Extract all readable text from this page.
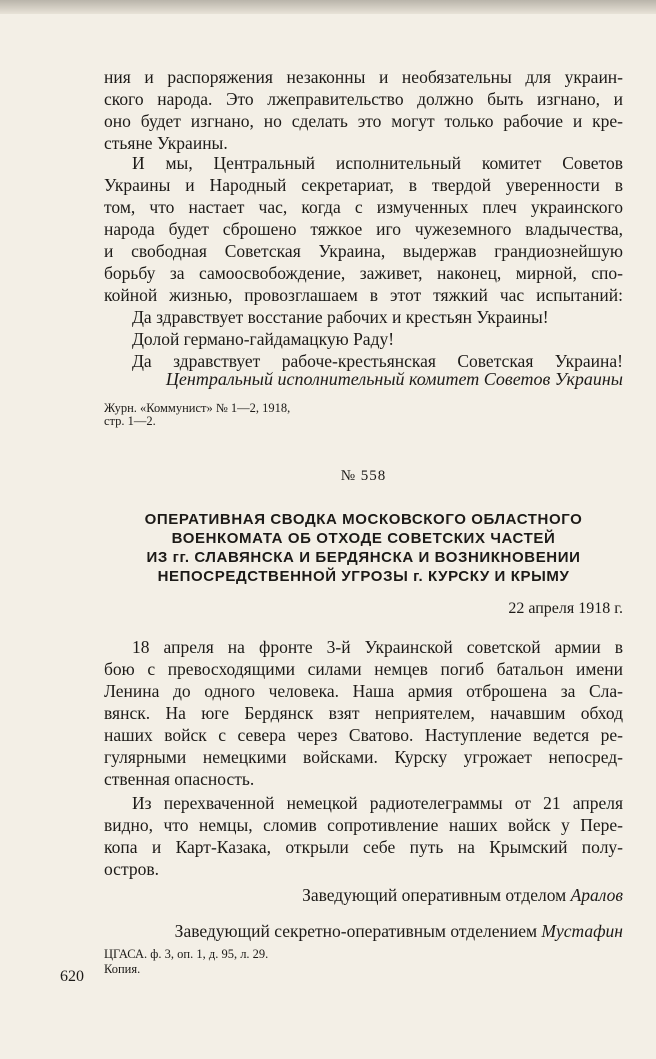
ния и распоряжения незаконны и необязательны для украин-
ского народа. Это лжеправительство должно быть изгнано, и
оно будет изгнано, но сделать это могут только рабочие и кре-
стьяне Украины.
И мы, Центральный исполнительный комитет Советов
Украины и Народный секретариат, в твердой уверенности в
том, что настает час, когда с измученных плеч украинского
народа будет сброшено тяжкое иго чужеземного владычества,
и свободная Советская Украина, выдержав грандиознейшую
борьбу за самоосвобождение, заживет, наконец, мирной, спо-
койной жизнью, провозглашаем в этот тяжкий час испытаний:
Да здравствует восстание рабочих и крестьян Украины!
Долой германо-гайдамацкую Раду!
Да здравствует рабоче-крестьянская Советская Украина!
Центральный исполнительный комитет Советов Украины
Журн. «Коммунист» № 1—2, 1918,
стр. 1—2.
№ 558
ОПЕРАТИВНАЯ СВОДКА МОСКОВСКОГО ОБЛАСТНОГО
ВОЕНКОМАТА ОБ ОТХОДЕ СОВЕТСКИХ ЧАСТЕЙ
ИЗ гг. СЛАВЯНСКА И БЕРДЯНСКА И ВОЗНИКНОВЕНИИ
НЕПОСРЕДСТВЕННОЙ УГРОЗЫ г. КУРСКУ И КРЫМУ
22 апреля 1918 г.
18 апреля на фронте 3-й Украинской советской армии в
бою с превосходящими силами немцев погиб батальон имени
Ленина до одного человека. Наша армия отброшена за Сла-
вянск. На юге Бердянск взят неприятелем, начавшим обход
наших войск с севера через Сватово. Наступление ведется ре-
гулярными немецкими войсками. Курску угрожает непосред-
ственная опасность.
Из перехваченной немецкой радиотелеграммы от 21 апреля
видно, что немцы, сломив сопротивление наших войск у Пере-
копа и Карт-Казака, открыли себе путь на Крымский полу-
остров.
Заведующий оперативным отделом Аралов
Заведующий секретно-оперативным отделением Мустафин
ЦГАСА. ф. 3, оп. 1, д. 95, л. 29.
Копия.
620
